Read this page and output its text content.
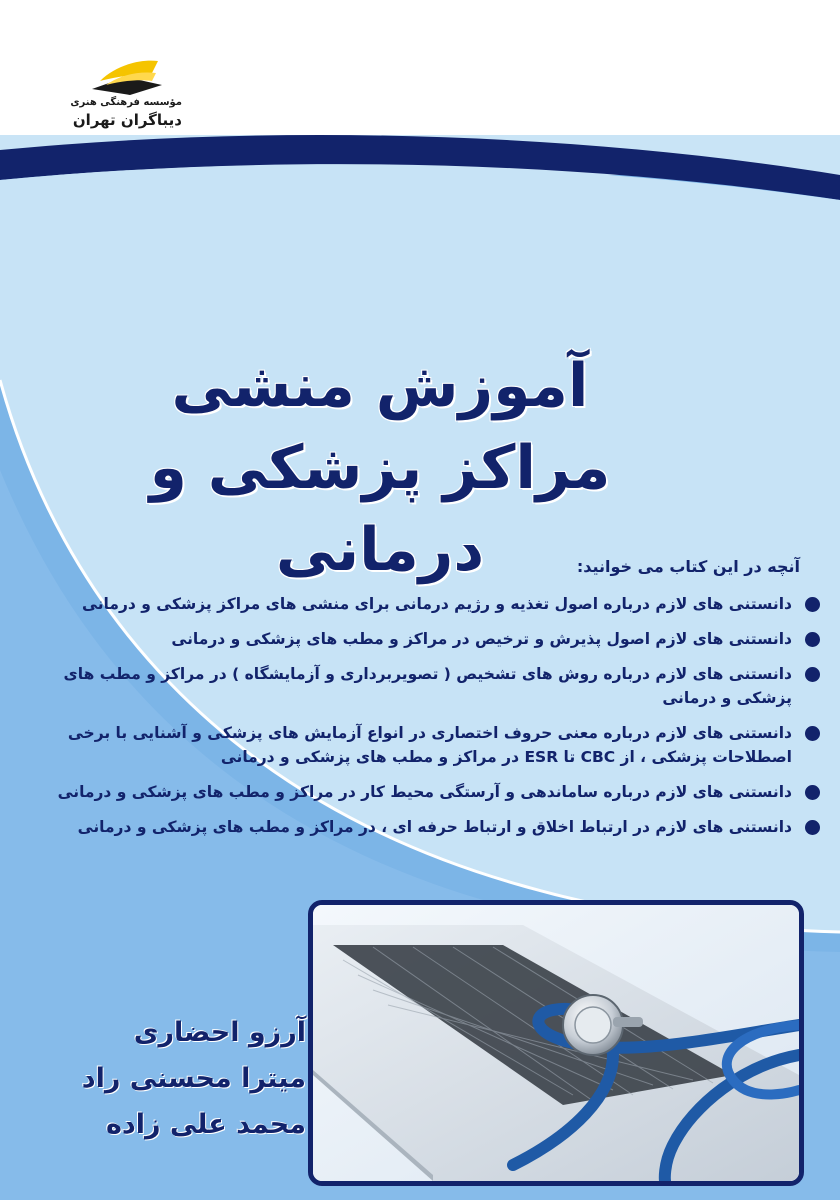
مؤسسه فرهنگی هنری
دیباگران تهران
آموزش منشی
مراکز پزشکی و درمانی	آنچه در این کتاب می خوانید:
دانستنی های لازم درباره اصول تغذیه و رژیم درمانی برای منشی های مراکز پزشکی و درمانی
دانستنی های لازم اصول پذیرش و ترخیص در مراکز و مطب های پزشکی و درمانی
دانستنی های لازم درباره روش های تشخیص ( تصویربرداری و آزمایشگاه ) در مراکز و مطب های پزشکی و درمانی
دانستنی های لازم درباره معنی حروف اختصاری در انواع آزمایش های پزشکی و آشنایی با برخی اصطلاحات پزشکی ، از CBC تا ESR در مراکز و مطب های پزشکی و درمانی
دانستنی های لازم درباره ساماندهی و آرستگی محیط کار در مراکز و مطب های پزشکی و درمانی
دانستنی های لازم در ارتباط اخلاق و ارتباط حرفه ای ، در مراکز و مطب های پزشکی و درمانی
آرزو احضاری
میترا محسنی راد
محمد علی زاده
